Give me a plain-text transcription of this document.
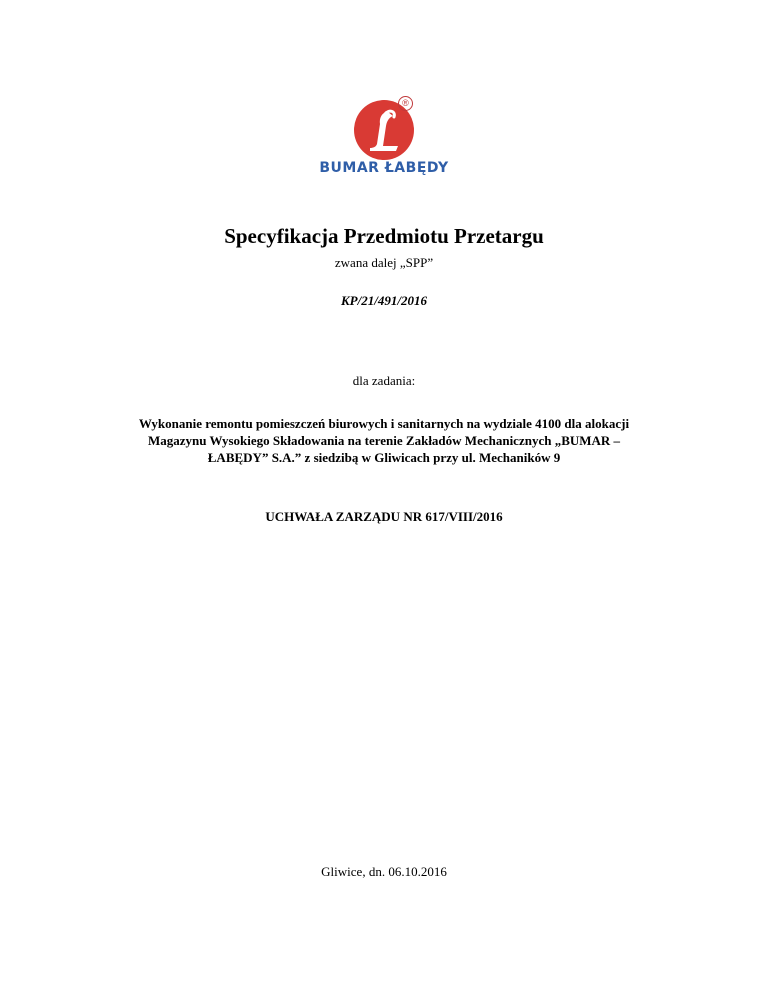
®
BUMAR ŁABĘDY
Specyfikacja Przedmiotu Przetargu
zwana dalej „SPP”
KP/21/491/2016
dla zadania:
Wykonanie remontu pomieszczeń biurowych i sanitarnych na wydziale 4100 dla alokacji
Magazynu Wysokiego Składowania na terenie Zakładów Mechanicznych „BUMAR –
ŁABĘDY” S.A.” z siedzibą w Gliwicach przy ul. Mechaników 9
UCHWAŁA ZARZĄDU NR 617/VIII/2016
Gliwice, dn. 06.10.2016
